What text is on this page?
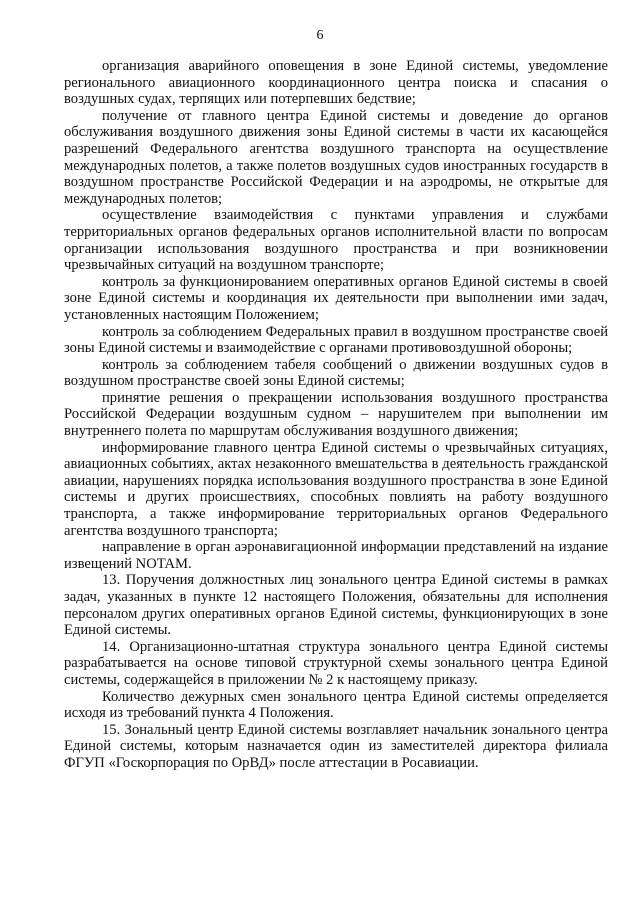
6

организация аварийного оповещения в зоне Единой системы, уведомление регионального авиационного координационного центра поиска и спасания о воздушных судах, терпящих или потерпевших бедствие;

получение от главного центра Единой системы и доведение до органов обслуживания воздушного движения зоны Единой системы в части их касающейся разрешений Федерального агентства воздушного транспорта на осуществление международных полетов, а также полетов воздушных судов иностранных государств в воздушном пространстве Российской Федерации и на аэродромы, не открытые для международных полетов;

осуществление взаимодействия с пунктами управления и службами территориальных органов федеральных органов исполнительной власти по вопросам организации использования воздушного пространства и при возникновении чрезвычайных ситуаций на воздушном транспорте;

контроль за функционированием оперативных органов Единой системы в своей зоне Единой системы и координация их деятельности при выполнении ими задач, установленных настоящим Положением;

контроль за соблюдением Федеральных правил в воздушном пространстве своей зоны Единой системы и взаимодействие с органами противовоздушной обороны;

контроль за соблюдением табеля сообщений о движении воздушных судов в воздушном пространстве своей зоны Единой системы;

принятие решения о прекращении использования воздушного пространства Российской Федерации воздушным судном – нарушителем при выполнении им внутреннего полета по маршрутам обслуживания воздушного движения;

информирование главного центра Единой системы о чрезвычайных ситуациях, авиационных событиях, актах незаконного вмешательства в деятельность гражданской авиации, нарушениях порядка использования воздушного пространства в зоне Единой системы и других происшествиях, способных повлиять на работу воздушного транспорта, а также информирование территориальных органов Федерального агентства воздушного транспорта;

направление в орган аэронавигационной информации представлений на издание извещений NOTAM.

13. Поручения должностных лиц зонального центра Единой системы в рамках задач, указанных в пункте 12 настоящего Положения, обязательны для исполнения персоналом других оперативных органов Единой системы, функционирующих в зоне Единой системы.

14. Организационно-штатная структура зонального центра Единой системы разрабатывается на основе типовой структурной схемы зонального центра Единой системы, содержащейся в приложении № 2 к настоящему приказу.

Количество дежурных смен зонального центра Единой системы определяется исходя из требований пункта 4 Положения.

15. Зональный центр Единой системы возглавляет начальник зонального центра Единой системы, которым назначается один из заместителей директора филиала ФГУП «Госкорпорация по ОрВД» после аттестации в Росавиации.
